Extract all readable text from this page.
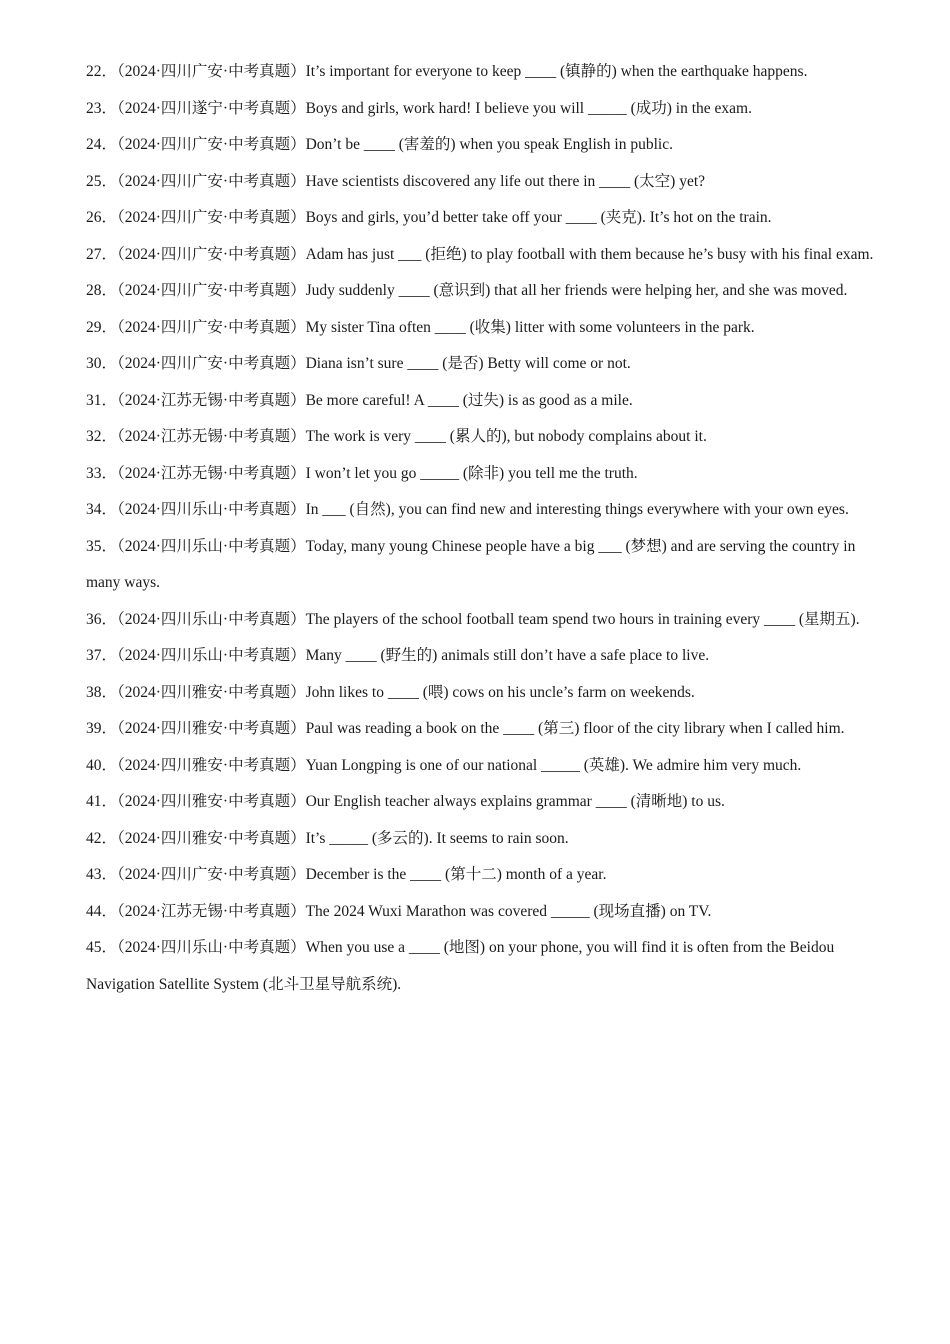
22．（2024·四川广安·中考真题）It’s important for everyone to keep ____ (镇静的) when the earthquake happens.

23．（2024·四川遂宁·中考真题）Boys and girls, work hard! I believe you will _____ (成功) in the exam.

24．（2024·四川广安·中考真题）Don’t be ____ (害羞的) when you speak English in public.

25．（2024·四川广安·中考真题）Have scientists discovered any life out there in ____ (太空) yet?

26．（2024·四川广安·中考真题）Boys and girls, you’d better take off your ____ (夹克). It’s hot on the train.

27．（2024·四川广安·中考真题）Adam has just ___ (拒绝) to play football with them because he’s busy with his final exam.

28．（2024·四川广安·中考真题）Judy suddenly ____ (意识到) that all her friends were helping her, and she was moved.

29．（2024·四川广安·中考真题）My sister Tina often ____ (收集) litter with some volunteers in the park.

30．（2024·四川广安·中考真题）Diana isn’t sure ____ (是否) Betty will come or not.

31．（2024·江苏无锡·中考真题）Be more careful! A ____ (过失) is as good as a mile.

32．（2024·江苏无锡·中考真题）The work is very ____ (累人的), but nobody complains about it.

33．（2024·江苏无锡·中考真题）I won’t let you go _____ (除非) you tell me the truth.

34．（2024·四川乐山·中考真题）In ___ (自然), you can find new and interesting things everywhere with your own eyes.

35．（2024·四川乐山·中考真题）Today, many young Chinese people have a big ___ (梦想) and are serving the country in many ways.

36．（2024·四川乐山·中考真题）The players of the school football team spend two hours in training every ____ (星期五).

37．（2024·四川乐山·中考真题）Many ____ (野生的) animals still don’t have a safe place to live.

38．（2024·四川雅安·中考真题）John likes to ____ (喂) cows on his uncle’s farm on weekends.

39．（2024·四川雅安·中考真题）Paul was reading a book on the ____ (第三) floor of the city library when I called him.

40．（2024·四川雅安·中考真题）Yuan Longping is one of our national _____ (英雄). We admire him very much.

41．（2024·四川雅安·中考真题）Our English teacher always explains grammar ____ (清晰地) to us.

42．（2024·四川雅安·中考真题）It’s _____ (多云的). It seems to rain soon.

43．（2024·四川广安·中考真题）December is the ____ (第十二) month of a year.

44．（2024·江苏无锡·中考真题）The 2024 Wuxi Marathon was covered _____ (现场直播) on TV.

45．（2024·四川乐山·中考真题）When you use a ____ (地图) on your phone, you will find it is often from the Beidou Navigation Satellite System (北斗卫星导航系统).
